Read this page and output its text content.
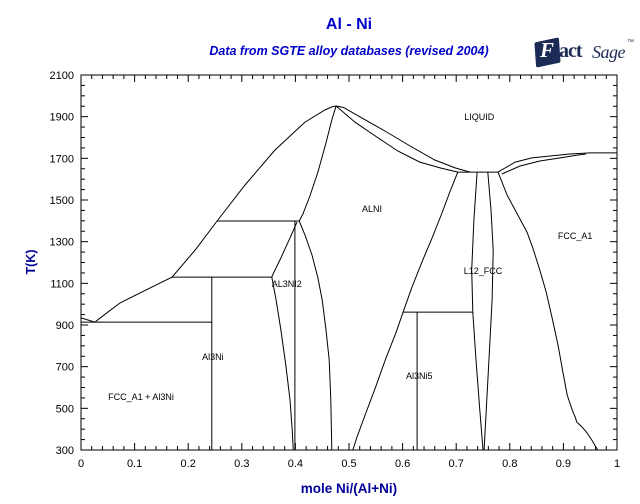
Al - Ni
Data from SGTE alloy databases (revised 2004)	F act Sage ™
T(K)
mole Ni/(Al+Ni)
0	0.1	0.2	0.3	0.4	0.5	0.6	0.7	0.8	0.9	1
300
500
700
900
1100
1300
1500
1700
1900
2100
LIQUID
ALNI
AL3NI2
Al3Ni
Al3Ni5
L12_FCC
FCC_A1
FCC_A1 + Al3Ni
